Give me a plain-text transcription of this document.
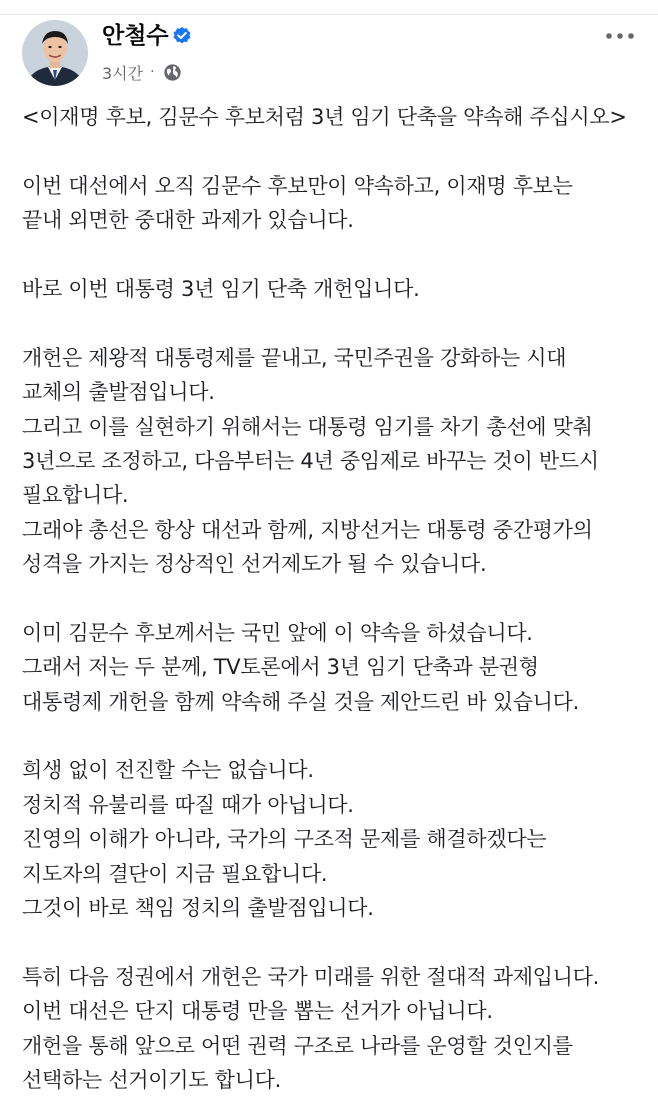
안철수
3시간 ·
<이재명 후보, 김문수 후보처럼 3년 임기 단축을 약속해 주십시오>
이번 대선에서 오직 김문수 후보만이 약속하고, 이재명 후보는
끝내 외면한 중대한 과제가 있습니다.
바로 이번 대통령 3년 임기 단축 개헌입니다.
개헌은 제왕적 대통령제를 끝내고, 국민주권을 강화하는 시대
교체의 출발점입니다.
그리고 이를 실현하기 위해서는 대통령 임기를 차기 총선에 맞춰
3년으로 조정하고, 다음부터는 4년 중임제로 바꾸는 것이 반드시
필요합니다.
그래야 총선은 항상 대선과 함께, 지방선거는 대통령 중간평가의
성격을 가지는 정상적인 선거제도가 될 수 있습니다.
이미 김문수 후보께서는 국민 앞에 이 약속을 하셨습니다.
그래서 저는 두 분께, TV토론에서 3년 임기 단축과 분권형
대통령제 개헌을 함께 약속해 주실 것을 제안드린 바 있습니다.
희생 없이 전진할 수는 없습니다.
정치적 유불리를 따질 때가 아닙니다.
진영의 이해가 아니라, 국가의 구조적 문제를 해결하겠다는
지도자의 결단이 지금 필요합니다.
그것이 바로 책임 정치의 출발점입니다.
특히 다음 정권에서 개헌은 국가 미래를 위한 절대적 과제입니다.
이번 대선은 단지 대통령 만을 뽑는 선거가 아닙니다.
개헌을 통해 앞으로 어떤 권력 구조로 나라를 운영할 것인지를
선택하는 선거이기도 합니다.
